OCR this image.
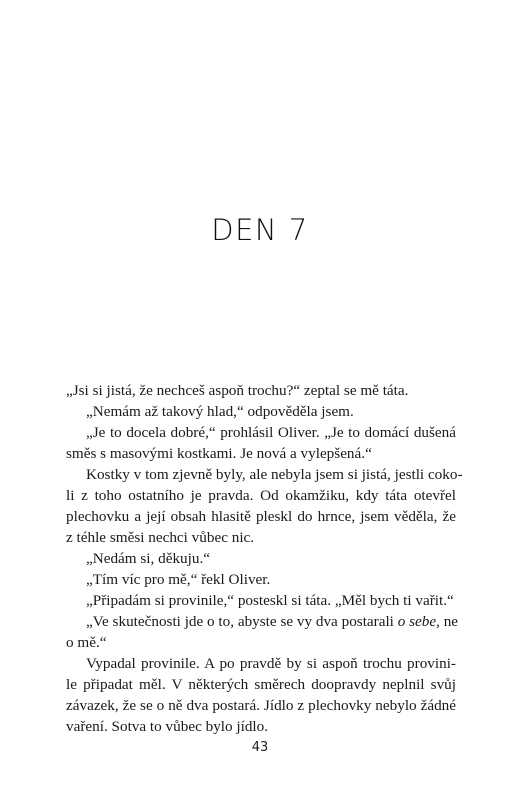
DEN 7
„Jsi si jistá, že nechceš aspoň trochu?“ zeptal se mě táta.
„Nemám až takový hlad,“ odpověděla jsem.
„Je to docela dobré,“ prohlásil Oliver. „Je to domácí dušená
směs s masovými kostkami. Je nová a vylepšená.“
Kostky v tom zjevně byly, ale nebyla jsem si jistá, jestli coko-
li z toho ostatního je pravda. Od okamžiku, kdy táta otevřel
plechovku a její obsah hlasitě pleskl do hrnce, jsem věděla, že
z téhle směsi nechci vůbec nic.
„Nedám si, děkuju.“
„Tím víc pro mě,“ řekl Oliver.
„Připadám si provinile,“ posteskl si táta. „Měl bych ti vařit.“
„Ve skutečnosti jde o to, abyste se vy dva postarali o sebe, ne
o mě.“
Vypadal provinile. A po pravdě by si aspoň trochu provini-
le připadat měl. V některých směrech doopravdy neplnil svůj
závazek, že se o ně dva postará. Jídlo z plechovky nebylo žádné
vaření. Sotva to vůbec bylo jídlo.
43
